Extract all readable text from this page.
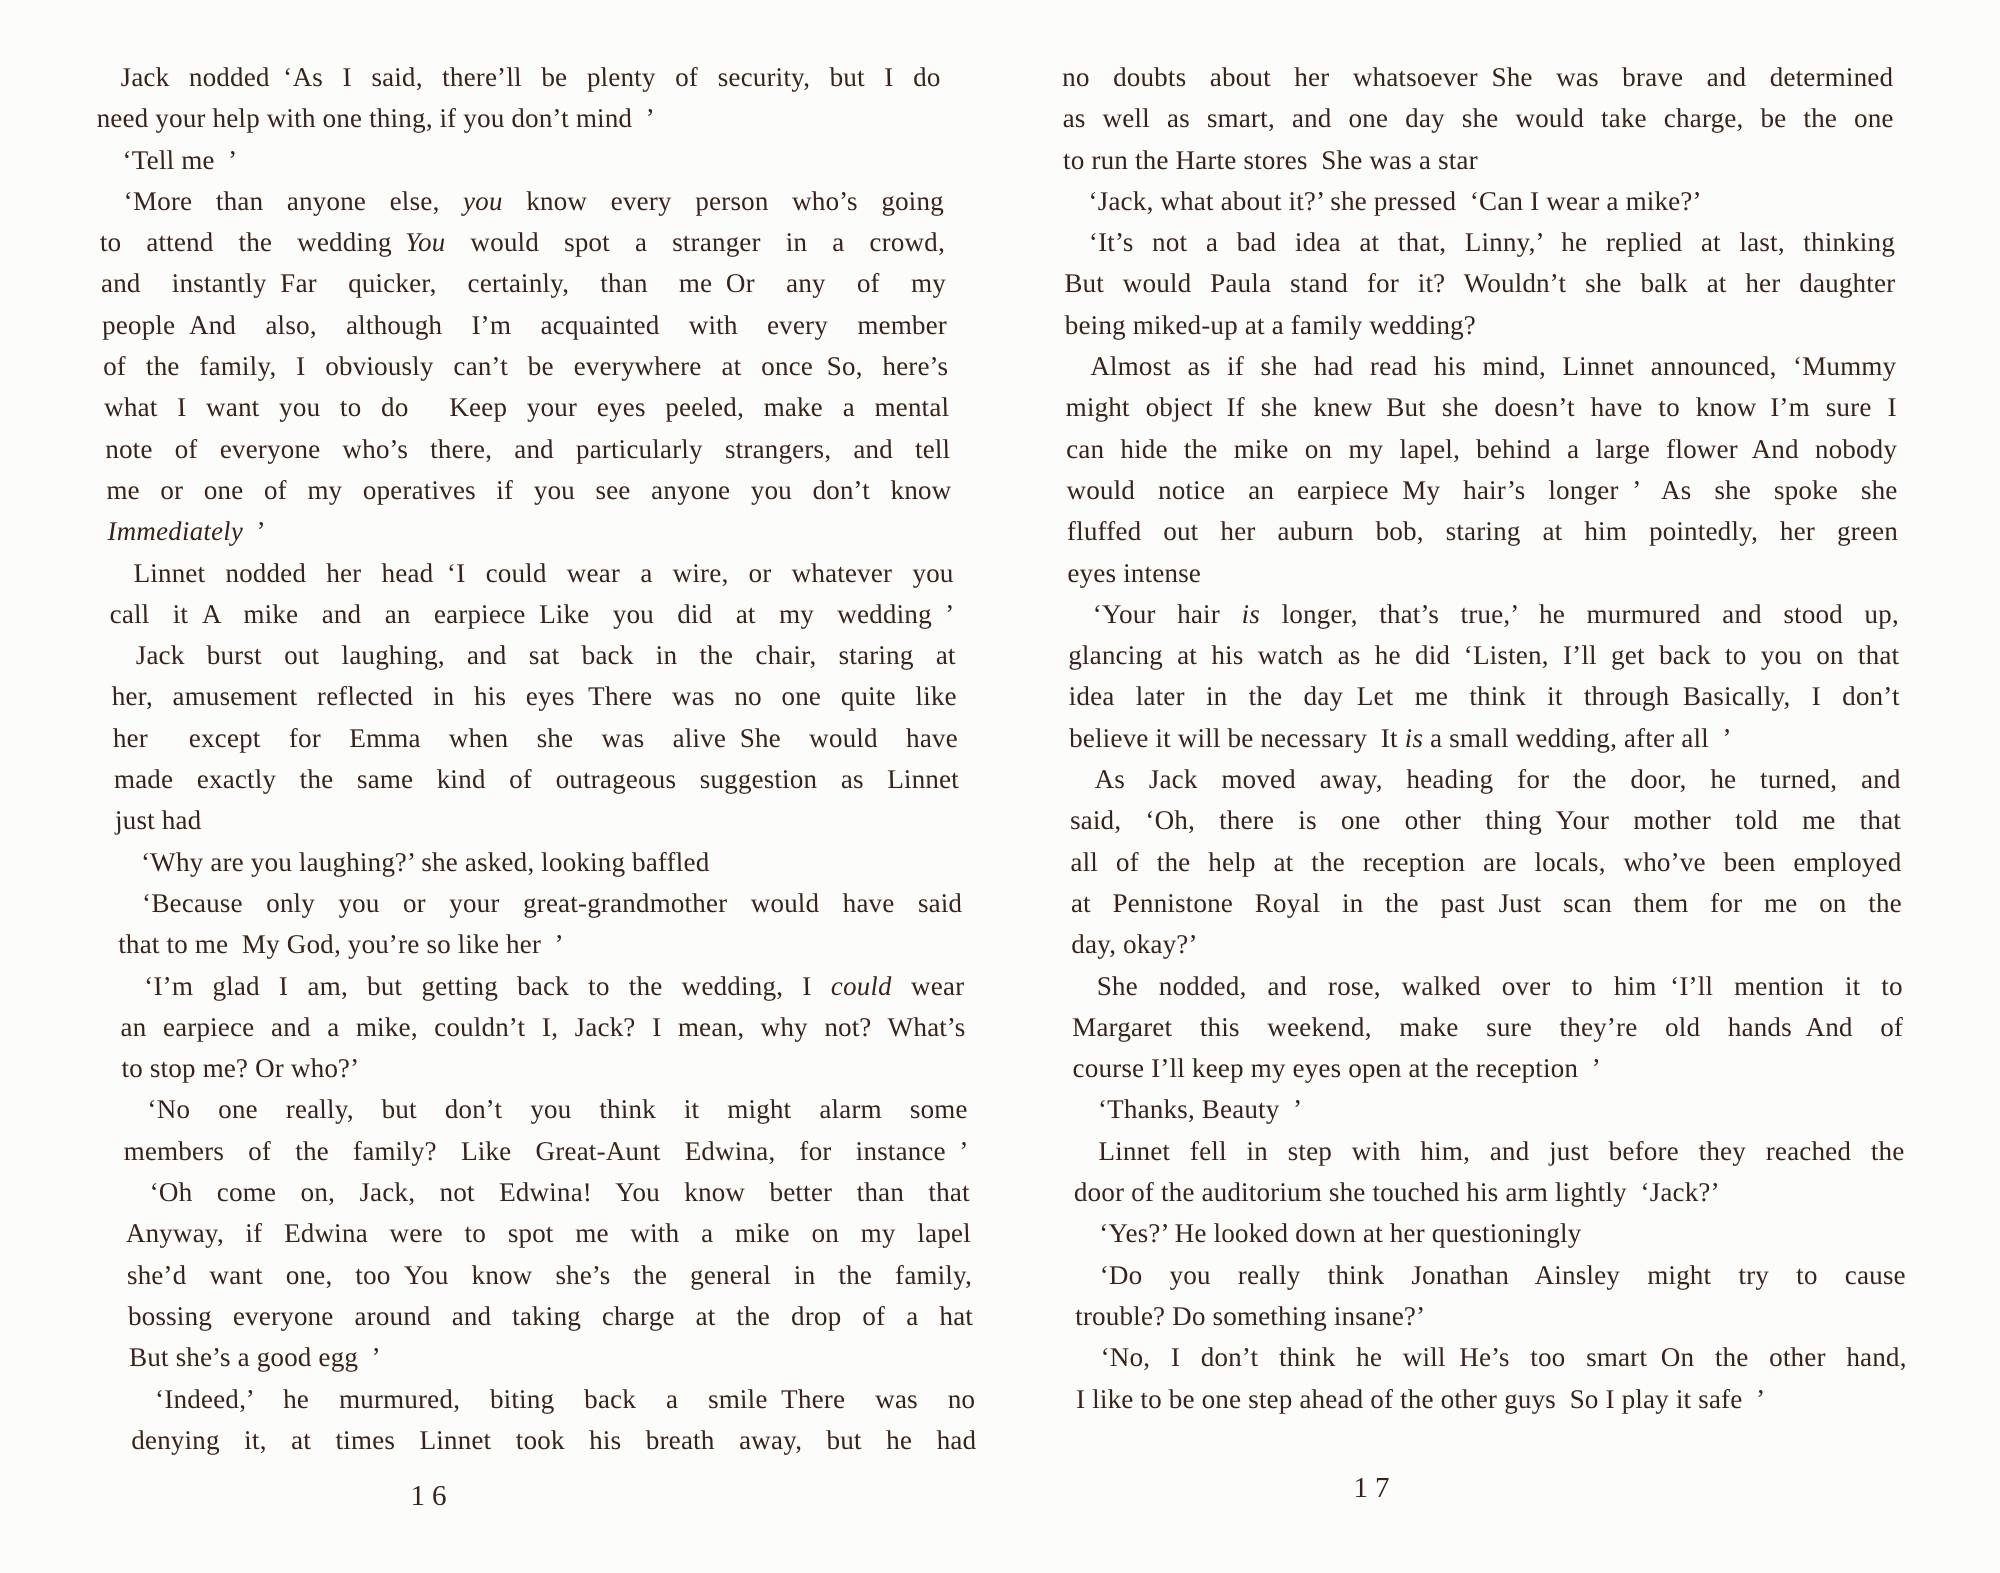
Jack nodded ‘As I said, there’ll be plenty of security, but I do
need your help with one thing, if you don’t mind ’
‘Tell me ’
‘More than anyone else, you know every person who’s going
to attend the wedding You would spot a stranger in a crowd,
and instantly Far quicker, certainly, than me Or any of my
people And also, although I’m acquainted with every member
of the family, I obviously can’t be everywhere at once So, here’s
what I want you to do  Keep your eyes peeled, make a mental
note of everyone who’s there, and particularly strangers, and tell
me or one of my operatives if you see anyone you don’t know
Immediately ’
Linnet nodded her head ‘I could wear a wire, or whatever you
call it A mike and an earpiece Like you did at my wedding ’
Jack burst out laughing, and sat back in the chair, staring at
her, amusement reflected in his eyes There was no one quite like
her  except for Emma when she was alive She would have
made exactly the same kind of outrageous suggestion as Linnet
just had
‘Why are you laughing?’ she asked, looking baffled
‘Because only you or your great-grandmother would have said
that to me My God, you’re so like her ’
‘I’m glad I am, but getting back to the wedding, I could wear
an earpiece and a mike, couldn’t I, Jack? I mean, why not? What’s
to stop me? Or who?’
‘No one really, but don’t you think it might alarm some
members of the family? Like Great-Aunt Edwina, for instance ’
‘Oh come on, Jack, not Edwina! You know better than that
Anyway, if Edwina were to spot me with a mike on my lapel
she’d want one, too You know she’s the general in the family,
bossing everyone around and taking charge at the drop of a hat
But she’s a good egg ’
‘Indeed,’ he murmured, biting back a smile There was no
denying it, at times Linnet took his breath away, but he had
no doubts about her whatsoever She was brave and determined
as well as smart, and one day she would take charge, be the one
to run the Harte stores She was a star
‘Jack, what about it?’ she pressed ‘Can I wear a mike?’
‘It’s not a bad idea at that, Linny,’ he replied at last, thinking
But would Paula stand for it? Wouldn’t she balk at her daughter
being miked-up at a family wedding?
Almost as if she had read his mind, Linnet announced, ‘Mummy
might object If she knew But she doesn’t have to know I’m sure I
can hide the mike on my lapel, behind a large flower And nobody
would notice an earpiece My hair’s longer ’ As she spoke she
fluffed out her auburn bob, staring at him pointedly, her green
eyes intense
‘Your hair is longer, that’s true,’ he murmured and stood up,
glancing at his watch as he did ‘Listen, I’ll get back to you on that
idea later in the day Let me think it through Basically, I don’t
believe it will be necessary It is a small wedding, after all ’
As Jack moved away, heading for the door, he turned, and
said, ‘Oh, there is one other thing Your mother told me that
all of the help at the reception are locals, who’ve been employed
at Pennistone Royal in the past Just scan them for me on the
day, okay?’
She nodded, and rose, walked over to him ‘I’ll mention it to
Margaret this weekend, make sure they’re old hands And of
course I’ll keep my eyes open at the reception ’
‘Thanks, Beauty ’
Linnet fell in step with him, and just before they reached the
door of the auditorium she touched his arm lightly ‘Jack?’
‘Yes?’ He looked down at her questioningly
‘Do you really think Jonathan Ainsley might try to cause
trouble? Do something insane?’
‘No, I don’t think he will He’s too smart On the other hand,
I like to be one step ahead of the other guys So I play it safe ’
16	17
